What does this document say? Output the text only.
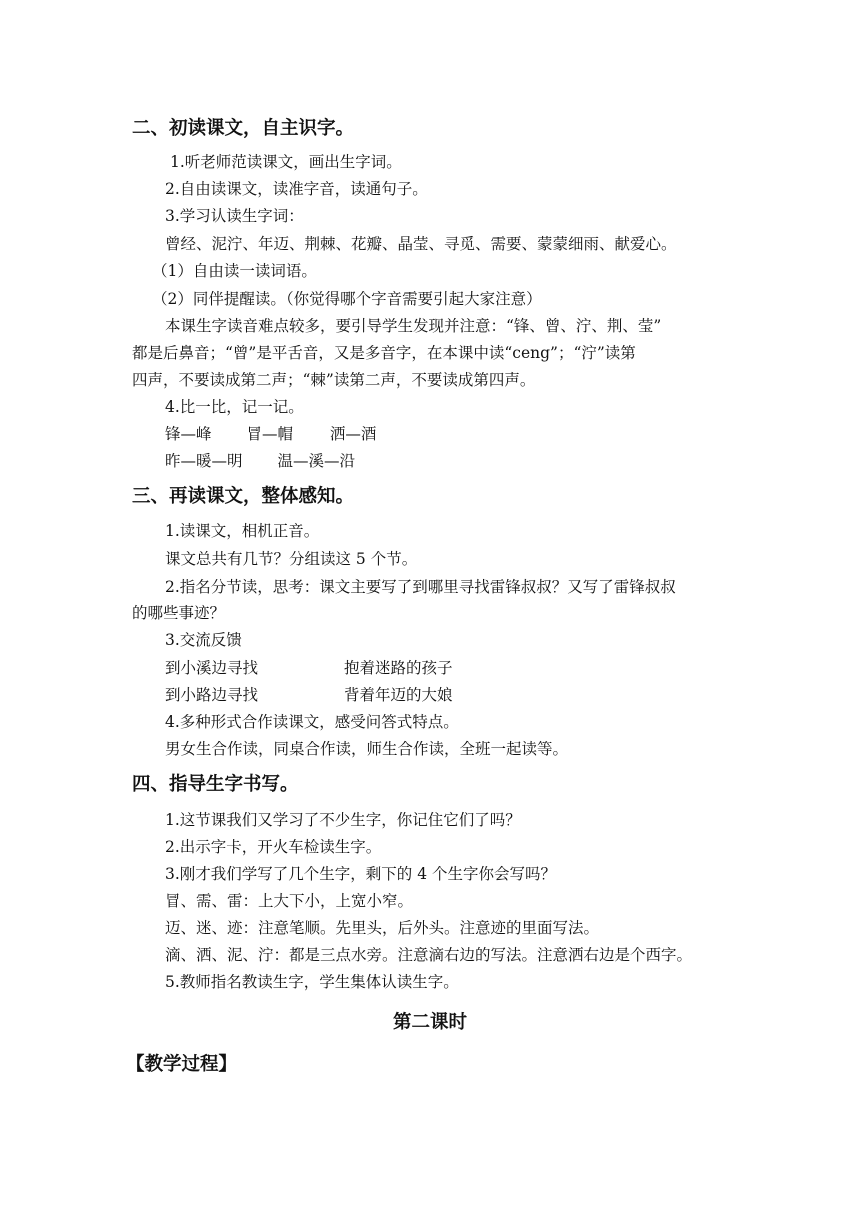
二、初读课文，自主识字。
1.听老师范读课文，画出生字词。
2.自由读课文，读准字音，读通句子。
3.学习认读生字词：
曾经、泥泞、年迈、荆棘、花瓣、晶莹、寻觅、需要、蒙蒙细雨、献爱心。
（1）自由读一读词语。
（2）同伴提醒读。（你觉得哪个字音需要引起大家注意）
本课生字读音难点较多，要引导学生发现并注意：“锋、曾、泞、荆、莹”
都是后鼻音；“曾”是平舌音，又是多音字，在本课中读“ceng”；“泞”读第
四声，不要读成第二声；“棘”读第二声，不要读成第四声。
4.比一比，记一记。
锋—峰 冒—帽 洒—酒
昨—暖—明 温—溪—沿
三、再读课文，整体感知。
1.读课文，相机正音。
课文总共有几节？分组读这 5 个节。
2.指名分节读，思考：课文主要写了到哪里寻找雷锋叔叔？又写了雷锋叔叔
的哪些事迹？
3.交流反馈
到小溪边寻找	抱着迷路的孩子
到小路边寻找	背着年迈的大娘
4.多种形式合作读课文，感受问答式特点。
男女生合作读，同桌合作读，师生合作读，全班一起读等。
四、指导生字书写。
1.这节课我们又学习了不少生字，你记住它们了吗？
2.出示字卡，开火车检读生字。
3.刚才我们学写了几个生字，剩下的 4 个生字你会写吗？
冒、需、雷：上大下小，上宽小窄。
迈、迷、迹：注意笔顺。先里头，后外头。注意迹的里面写法。
滴、洒、泥、泞：都是三点水旁。注意滴右边的写法。注意洒右边是个西字。
5.教师指名教读生字，学生集体认读生字。
第二课时
【教学过程】
